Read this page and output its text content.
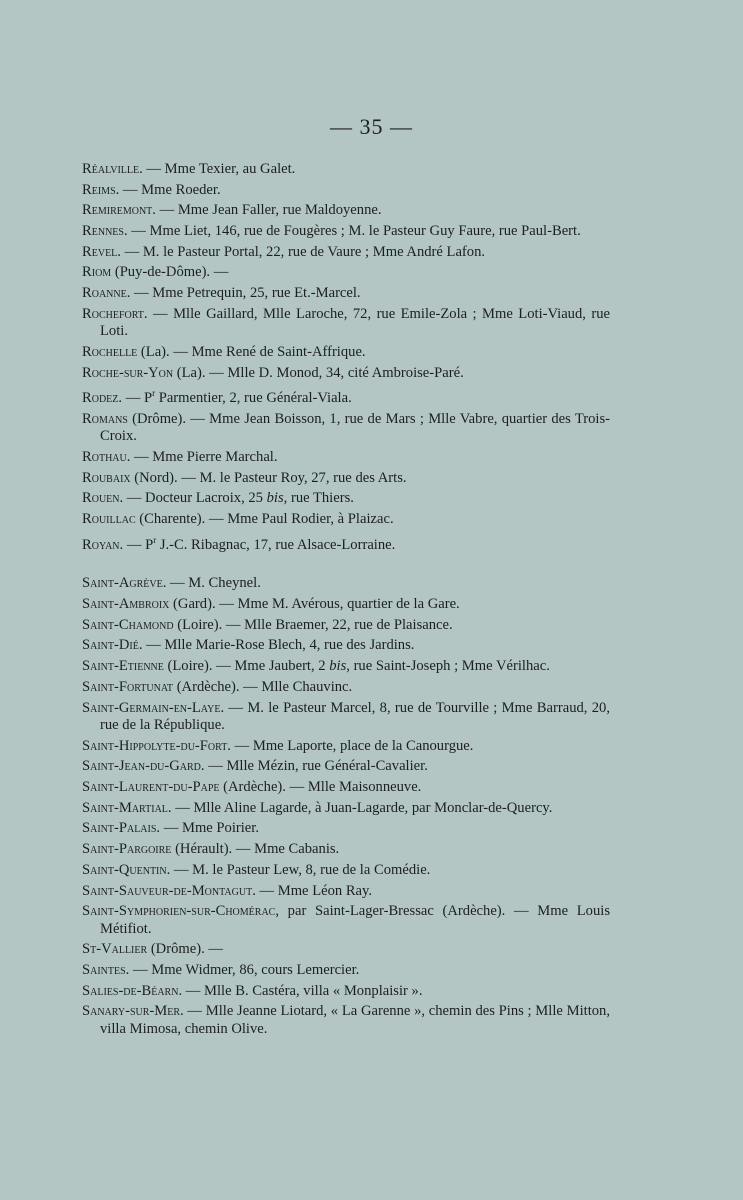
— 35 —
Réalville. — Mme Texier, au Galet.
Reims. — Mme Roeder.
Remiremont. — Mme Jean Faller, rue Maldoyenne.
Rennes. — Mme Liet, 146, rue de Fougères ; M. le Pasteur Guy Faure, rue Paul-Bert.
Revel. — M. le Pasteur Portal, 22, rue de Vaure ; Mme André Lafon.
Riom (Puy-de-Dôme). —
Roanne. — Mme Petrequin, 25, rue Et.-Marcel.
Rochefort. — Mlle Gaillard, Mlle Laroche, 72, rue Emile-Zola ; Mme Loti-Viaud, rue Loti.
Rochelle (La). — Mme René de Saint-Affrique.
Roche-sur-Yon (La). — Mlle D. Monod, 34, cité Ambroise-Paré.
Rodez. — $P^r$ Parmentier, 2, rue Général-Viala.
Romans (Drôme). — Mme Jean Boisson, 1, rue de Mars ; Mlle Vabre, quartier des Trois-Croix.
Rothau. — Mme Pierre Marchal.
Roubaix (Nord). — M. le Pasteur Roy, 27, rue des Arts.
Rouen. — Docteur Lacroix, 25 bis, rue Thiers.
Rouillac (Charente). — Mme Paul Rodier, à Plaizac.
Royan. — $P^r$ J.-C. Ribagnac, 17, rue Alsace-Lorraine.
Saint-Agrève. — M. Cheynel.
Saint-Ambroix (Gard). — Mme M. Avérous, quartier de la Gare.
Saint-Chamond (Loire). — Mlle Braemer, 22, rue de Plaisance.
Saint-Dié. — Mlle Marie-Rose Blech, 4, rue des Jardins.
Saint-Etienne (Loire). — Mme Jaubert, 2 bis, rue Saint-Joseph ; Mme Vérilhac.
Saint-Fortunat (Ardèche). — Mlle Chauvinc.
Saint-Germain-en-Laye. — M. le Pasteur Marcel, 8, rue de Tourville ; Mme Barraud, 20, rue de la République.
Saint-Hippolyte-du-Fort. — Mme Laporte, place de la Canourgue.
Saint-Jean-du-Gard. — Mlle Mézin, rue Général-Cavalier.
Saint-Laurent-du-Pape (Ardèche). — Mlle Maisonneuve.
Saint-Martial. — Mlle Aline Lagarde, à Juan-Lagarde, par Monclar-de-Quercy.
Saint-Palais. — Mme Poirier.
Saint-Pargoire (Hérault). — Mme Cabanis.
Saint-Quentin. — M. le Pasteur Lew, 8, rue de la Comédie.
Saint-Sauveur-de-Montagut. — Mme Léon Ray.
Saint-Symphorien-sur-Chomérac, par Saint-Lager-Bressac (Ardèche). — Mme Louis Métifiot.
St-Vallier (Drôme). —
Saintes. — Mme Widmer, 86, cours Lemercier.
Salies-de-Béarn. — Mlle B. Castéra, villa « Monplaisir ».
Sanary-sur-Mer. — Mlle Jeanne Liotard, « La Garenne », chemin des Pins ; Mlle Mitton, villa Mimosa, chemin Olive.
